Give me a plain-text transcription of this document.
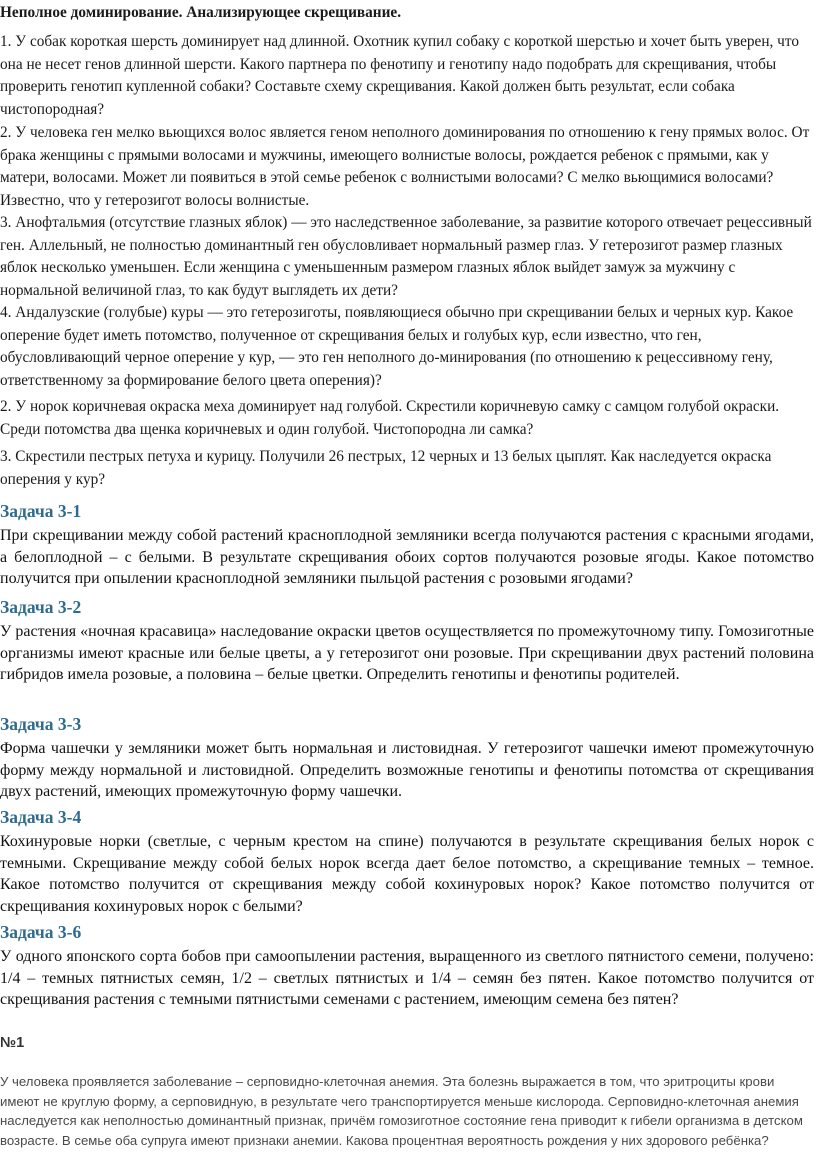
Неполное доминирование. Анализирующее скрещивание.

1. У собак короткая шерсть доминирует над длинной. Охотник купил собаку с короткой шерстью и хочет быть уверен, что она не несет генов длинной шерсти. Какого партнера по фенотипу и генотипу надо подобрать для скрещивания, чтобы проверить генотип купленной собаки? Составьте схему скрещивания. Какой должен быть результат, если собака чистопородная?

2. У человека ген мелко вьющихся волос является геном неполного доминирования по отношению к гену прямых волос. От брака женщины с прямыми волосами и мужчины, имеющего волнистые волосы, рождается ребенок с прямыми, как у матери, волосами. Может ли появиться в этой семье ребенок с волнистыми волосами? С мелко вьющимися волосами? Известно, что у гетерозигот волосы волнистые.

3. Анофтальмия (отсутствие глазных яблок) — это наследственное заболевание, за развитие которого отвечает рецессивный ген. Аллельный, не полностью доминантный ген обусловливает нормальный размер глаз. У гетерозигот размер глазных яблок несколько уменьшен. Если женщина с уменьшенным размером глазных яблок выйдет замуж за мужчину с нормальной величиной глаз, то как будут выглядеть их дети?

4. Андалузские (голубые) куры — это гетерозиготы, появляющиеся обычно при скрещивании белых и черных кур. Какое оперение будет иметь потомство, полученное от скрещивания белых и голубых кур, если известно, что ген, обусловливающий черное оперение у кур, — это ген неполного до-минирования (по отношению к рецессивному гену, ответственному за формирование белого цвета оперения)?

2. У норок коричневая окраска меха доминирует над голубой. Скрестили коричневую самку с самцом голубой окраски. Среди потомства два щенка коричневых и один голубой. Чистопородна ли самка?

3. Скрестили пестрых петуха и курицу. Получили 26 пестрых, 12 черных и 13 белых цыплят. Как наследуется окраска оперения у кур?

Задача 3-1
При скрещивании между собой растений красноплодной земляники всегда получаются растения с красными ягодами, а белоплодной – с белыми. В результате скрещивания обоих сортов получаются розовые ягоды. Какое потомство получится при опылении красноплодной земляники пыльцой растения с розовыми ягодами?
Задача 3-2
У растения «ночная красавица» наследование окраски цветов осуществляется по промежуточному типу. Гомозиготные организмы имеют красные или белые цветы, а у гетерозигот они розовые. При скрещивании двух растений половина гибридов имела розовые, а половина – белые цветки. Определить генотипы и фенотипы родителей.
Задача 3-3
Форма чашечки у земляники может быть нормальная и листовидная. У гетерозигот чашечки имеют промежуточную форму между нормальной и листовидной. Определить возможные генотипы и фенотипы потомства от скрещивания двух растений, имеющих промежуточную форму чашечки.
Задача 3-4
Кохинуровые норки (светлые, с черным крестом на спине) получаются в результате скрещивания белых норок с темными. Скрещивание между собой белых норок всегда дает белое потомство, а скрещивание темных – темное. Какое потомство получится от скрещивания между собой кохинуровых норок? Какое потомство получится от скрещивания кохинуровых норок с белыми?
Задача 3-6
У одного японского сорта бобов при самоопылении растения, выращенного из светлого пятнистого семени, получено: 1/4 – темных пятнистых семян, 1/2 – светлых пятнистых и 1/4 – семян без пятен. Какое потомство получится от скрещивания растения с темными пятнистыми семенами с растением, имеющим семена без пятен?
№1
У человека проявляется заболевание – серповидно-клеточная анемия. Эта болезнь выражается в том, что эритроциты крови имеют не круглую форму, а серповидную, в результате чего транспортируется меньше кислорода. Серповидно-клеточная анемия наследуется как неполностью доминантный признак, причём гомозиготное состояние гена приводит к гибели организма в детском возрасте. В семье оба супруга имеют признаки анемии. Какова процентная вероятность рождения у них здорового ребёнка?
